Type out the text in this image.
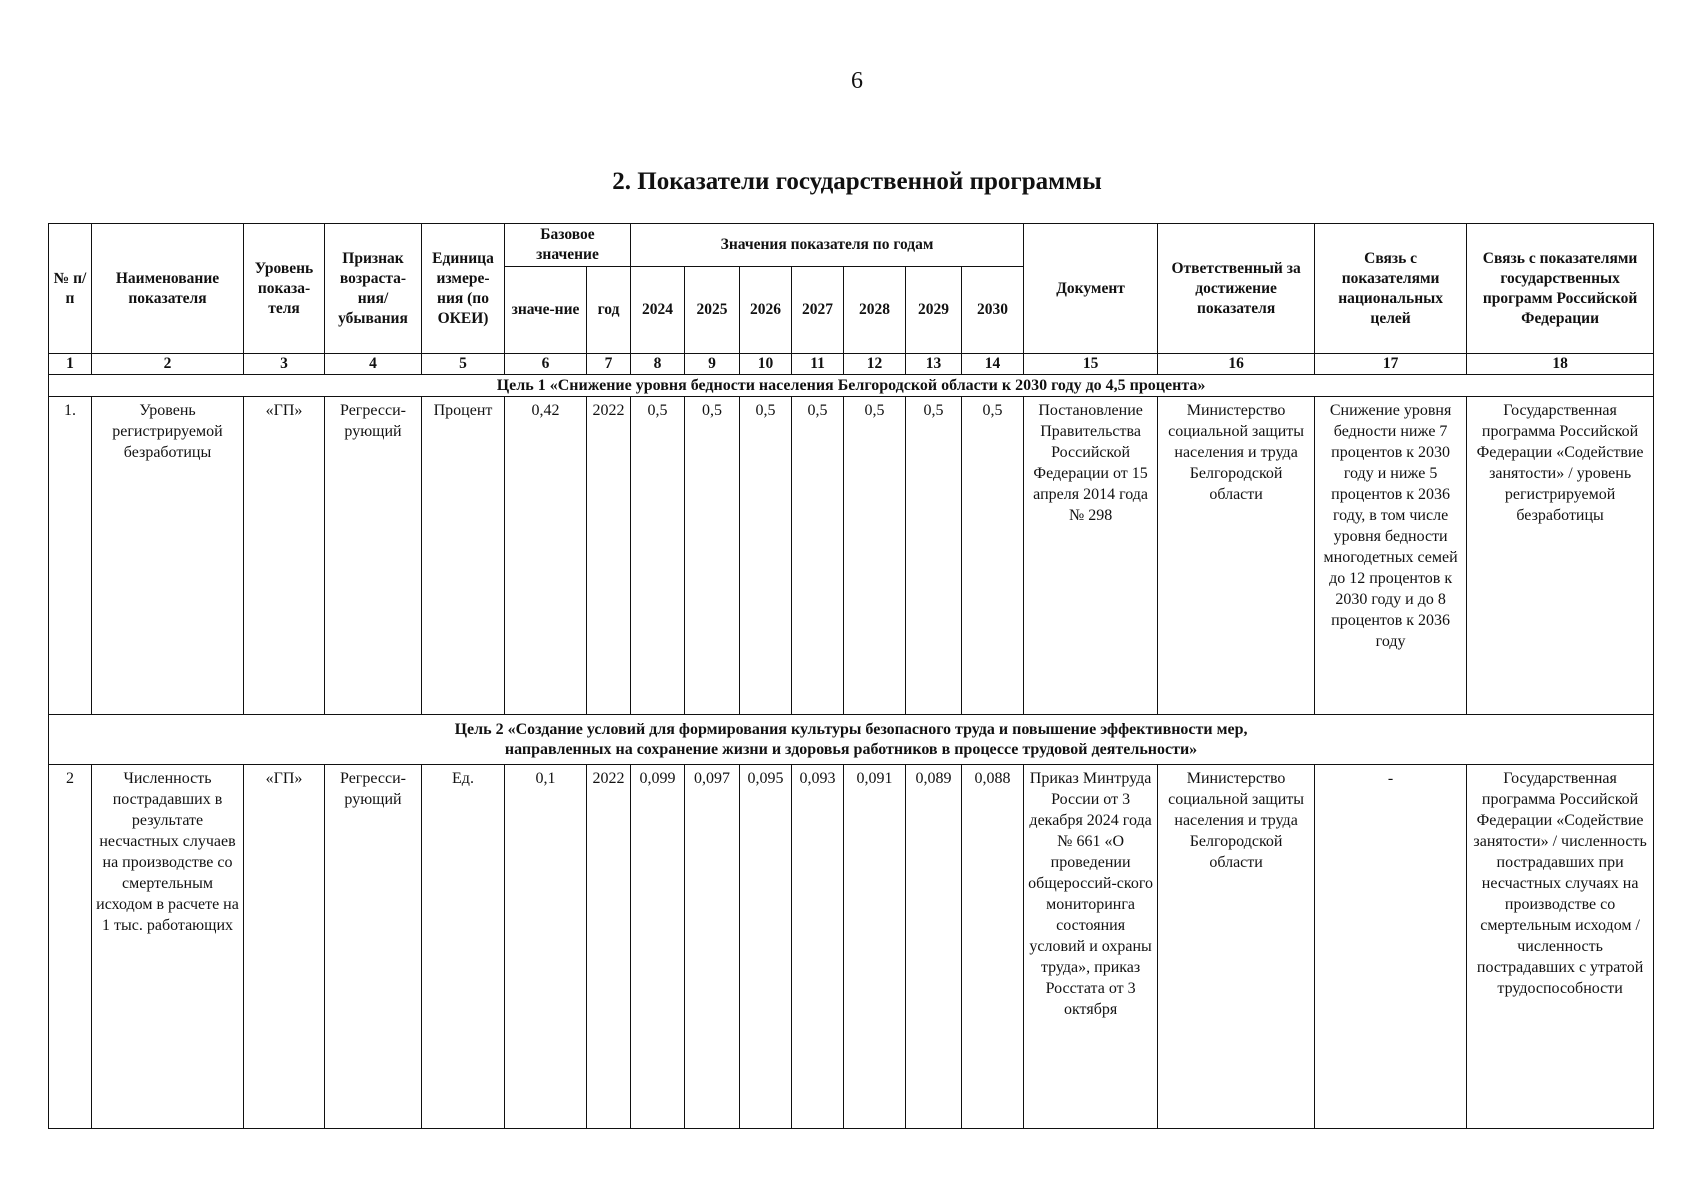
6
2. Показатели государственной программы
№ п/п	Наименование показателя	Уровень показа-теля	Признак возраста-ния/ убывания	Единица измере-ния (по ОКЕИ)	Базовое значение		Значения показателя по годам							Документ	Ответственный за достижение показателя	Связь с показателями национальных целей	Связь с показателями государственных программ Российской Федерации
					значе-ние	год	2024	2025	2026	2027	2028	2029	2030				
1	2	3	4	5	6	7	8	9	10	11	12	13	14	15	16	17	18
Цель 1 «Снижение уровня бедности населения Белгородской области к 2030 году до 4,5 процента»																	
1.	Уровень регистрируемой безработицы	«ГП»	Регресси-рующий	Процент	0,42	2022	0,5	0,5	0,5	0,5	0,5	0,5	0,5	Постановление Правительства Российской Федерации от 15 апреля 2014 года № 298	Министерство социальной защиты населения и труда Белгородской области	Снижение уровня бедности ниже 7 процентов к 2030 году и ниже 5 процентов к 2036 году, в том числе уровня бедности многодетных семей до 12 процентов к 2030 году и до 8 процентов к 2036 году	Государственная программа Российской Федерации «Содействие занятости» / уровень регистрируемой безработицы

Цель 2 «Создание условий для формирования культуры безопасного труда и повышение эффективности мер,
направленных на сохранение жизни и здоровья работников в процессе трудовой деятельности»																	

2	Численность пострадавших в результате несчастных случаев на производстве со смертельным исходом в расчете на 1 тыс. работающих	«ГП»	Регресси-рующий	Ед.	0,1	2022	0,099	0,097	0,095	0,093	0,091	0,089	0,088	Приказ Минтруда России от 3 декабря 2024 года № 661 «О проведении общероссий-ского мониторинга состояния условий и охраны труда», приказ Росстата от 3 октября	Министерство социальной защиты населения и труда Белгородской области	-	Государственная программа Российской Федерации «Содействие занятости» / численность пострадавших при несчастных случаях на производстве со смертельным исходом / численность пострадавших с утратой трудоспособности
